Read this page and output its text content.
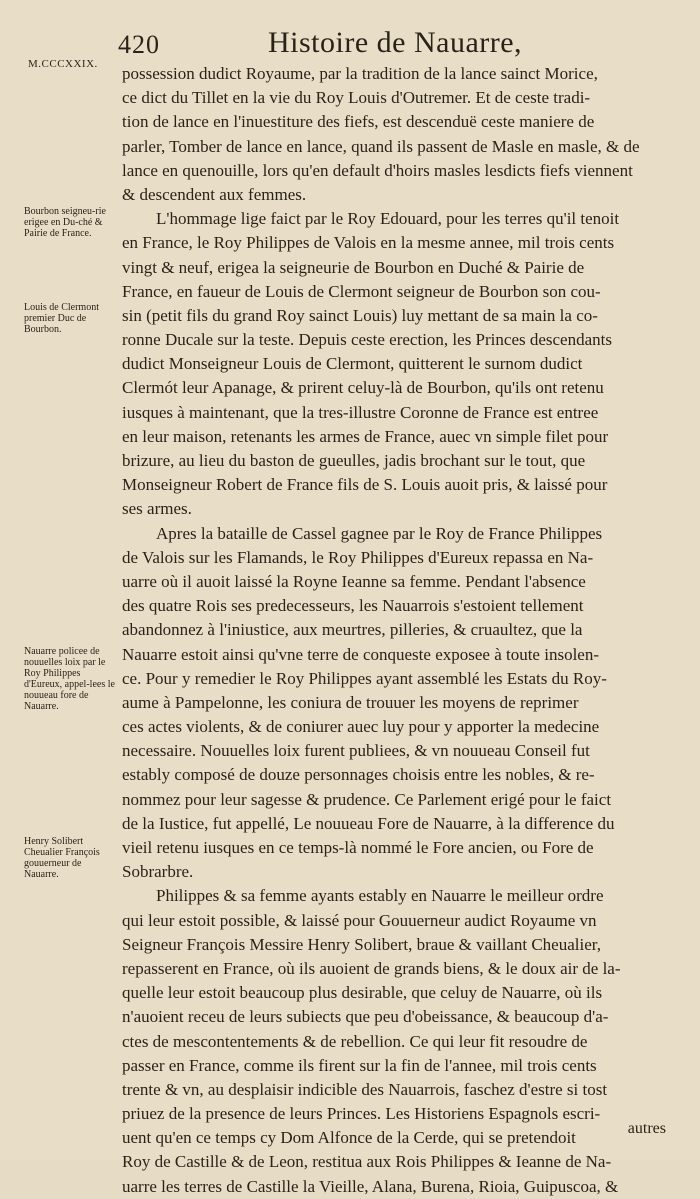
420	Histoire de Nauarre,
M.CCCXXIX.
Bourbon seigneu-rie erigee en Du-ché & Pairie de France.
Louis de Clermont premier Duc de Bourbon.
Nauarre policee de nouuelles loix par le Roy Philippes d'Eureux, appel-lees le nouueau fore de Nauarre.
Henry Solibert Cheualier François gouuerneur de Nauarre.
possession dudict Royaume, par la tradition de la lance sainct Morice,
ce dict du Tillet en la vie du Roy Louis d'Outremer. Et de ceste tradi-
tion de lance en l'inuestiture des fiefs, est descenduë ceste maniere de
parler, Tomber de lance en lance, quand ils passent de Masle en masle, & de
lance en quenouille, lors qu'en default d'hoirs masles lesdicts fiefs viennent
& descendent aux femmes.
L'hommage lige faict par le Roy Edouard, pour les terres qu'il tenoit
en France, le Roy Philippes de Valois en la mesme annee, mil trois cents
vingt & neuf, erigea la seigneurie de Bourbon en Duché & Pairie de
France, en faueur de Louis de Clermont seigneur de Bourbon son cou-
sin (petit fils du grand Roy sainct Louis) luy mettant de sa main la co-
ronne Ducale sur la teste. Depuis ceste erection, les Princes descendants
dudict Monseigneur Louis de Clermont, quitterent le surnom dudict
Clermót leur Apanage, & prirent celuy-là de Bourbon, qu'ils ont retenu
iusques à maintenant, que la tres-illustre Coronne de France est entree
en leur maison, retenants les armes de France, auec vn simple filet pour
brizure, au lieu du baston de gueulles, jadis brochant sur le tout, que
Monseigneur Robert de France fils de S. Louis auoit pris, & laissé pour
ses armes.
Apres la bataille de Cassel gagnee par le Roy de France Philippes
de Valois sur les Flamands, le Roy Philippes d'Eureux repassa en Na-
uarre où il auoit laissé la Royne Ieanne sa femme. Pendant l'absence
des quatre Rois ses predecesseurs, les Nauarrois s'estoient tellement
abandonnez à l'iniustice, aux meurtres, pilleries, & cruaultez, que la
Nauarre estoit ainsi qu'vne terre de conqueste exposee à toute insolen-
ce. Pour y remedier le Roy Philippes ayant assemblé les Estats du Roy-
aume à Pampelonne, les coniura de trouuer les moyens de reprimer
ces actes violents, & de coniurer auec luy pour y apporter la medecine
necessaire. Nouuelles loix furent publiees, & vn nouueau Conseil fut
estably composé de douze personnages choisis entre les nobles, & re-
nommez pour leur sagesse & prudence. Ce Parlement erigé pour le faict
de la Iustice, fut appellé, Le nouueau Fore de Nauarre, à la difference du
vieil retenu iusques en ce temps-là nommé le Fore ancien, ou Fore de
Sobrarbre.
Philippes & sa femme ayants estably en Nauarre le meilleur ordre
qui leur estoit possible, & laissé pour Gouuerneur audict Royaume vn
Seigneur François Messire Henry Solibert, braue & vaillant Cheualier,
repasserent en France, où ils auoient de grands biens, & le doux air de la-
quelle leur estoit beaucoup plus desirable, que celuy de Nauarre, où ils
n'auoient receu de leurs subiects que peu d'obeissance, & beaucoup d'a-
ctes de mescontentements & de rebellion. Ce qui leur fit resoudre de
passer en France, comme ils firent sur la fin de l'annee, mil trois cents
trente & vn, au desplaisir indicible des Nauarrois, faschez d'estre si tost
priuez de la presence de leurs Princes. Les Historiens Espagnols escri-
uent qu'en ce temps cy Dom Alfonce de la Cerde, qui se pretendoit
Roy de Castille & de Leon, restitua aux Rois Philippes & Ieanne de Na-
uarre les terres de Castille la Vieille, Alana, Burena, Rioia, Guipuscoa, &
autres
